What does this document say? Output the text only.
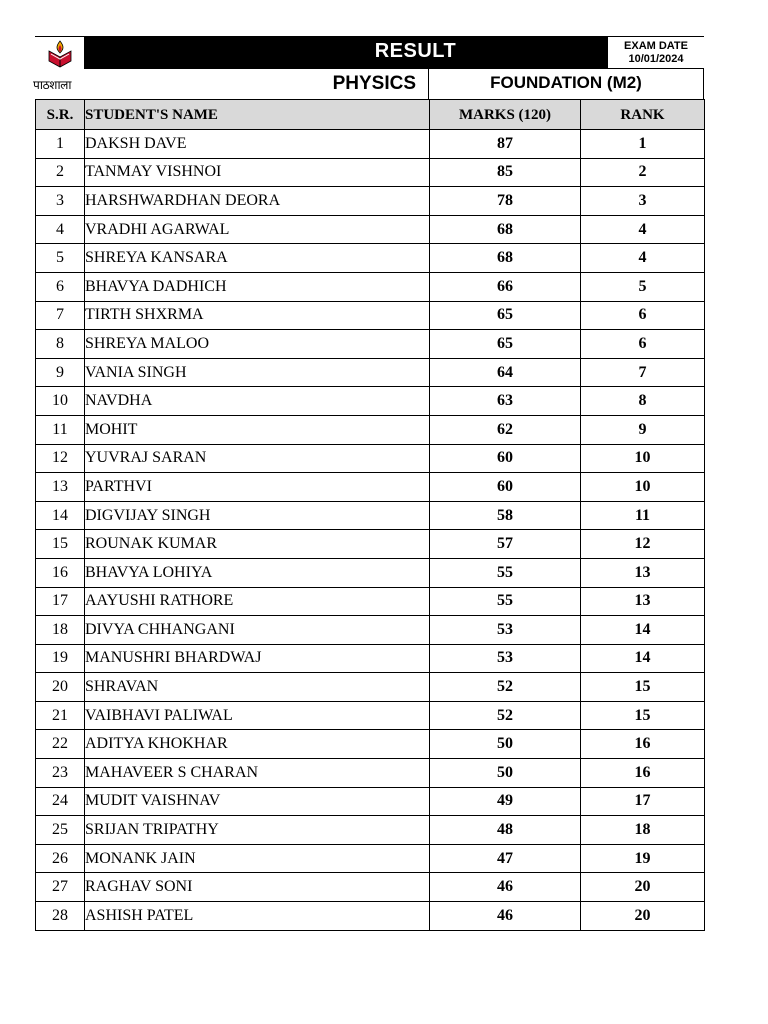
पाठशाला
RESULT	EXAM DATE
10/01/2024
PHYSICS	FOUNDATION (M2)
S.R.	STUDENT'S NAME	MARKS (120)	RANK
1	DAKSH DAVE	87	1
2	TANMAY VISHNOI	85	2
3	HARSHWARDHAN DEORA	78	3
4	VRADHI AGARWAL	68	4
5	SHREYA KANSARA	68	4
6	BHAVYA DADHICH	66	5
7	TIRTH SHXRMA	65	6
8	SHREYA MALOO	65	6
9	VANIA SINGH	64	7
10	NAVDHA	63	8
11	MOHIT	62	9
12	YUVRAJ SARAN	60	10
13	PARTHVI	60	10
14	DIGVIJAY SINGH	58	11
15	ROUNAK KUMAR	57	12
16	BHAVYA LOHIYA	55	13
17	AAYUSHI RATHORE	55	13
18	DIVYA CHHANGANI	53	14
19	MANUSHRI BHARDWAJ	53	14
20	SHRAVAN	52	15
21	VAIBHAVI PALIWAL	52	15
22	ADITYA KHOKHAR	50	16
23	MAHAVEER S CHARAN	50	16
24	MUDIT VAISHNAV	49	17
25	SRIJAN TRIPATHY	48	18
26	MONANK JAIN	47	19
27	RAGHAV SONI	46	20
28	ASHISH PATEL	46	20
